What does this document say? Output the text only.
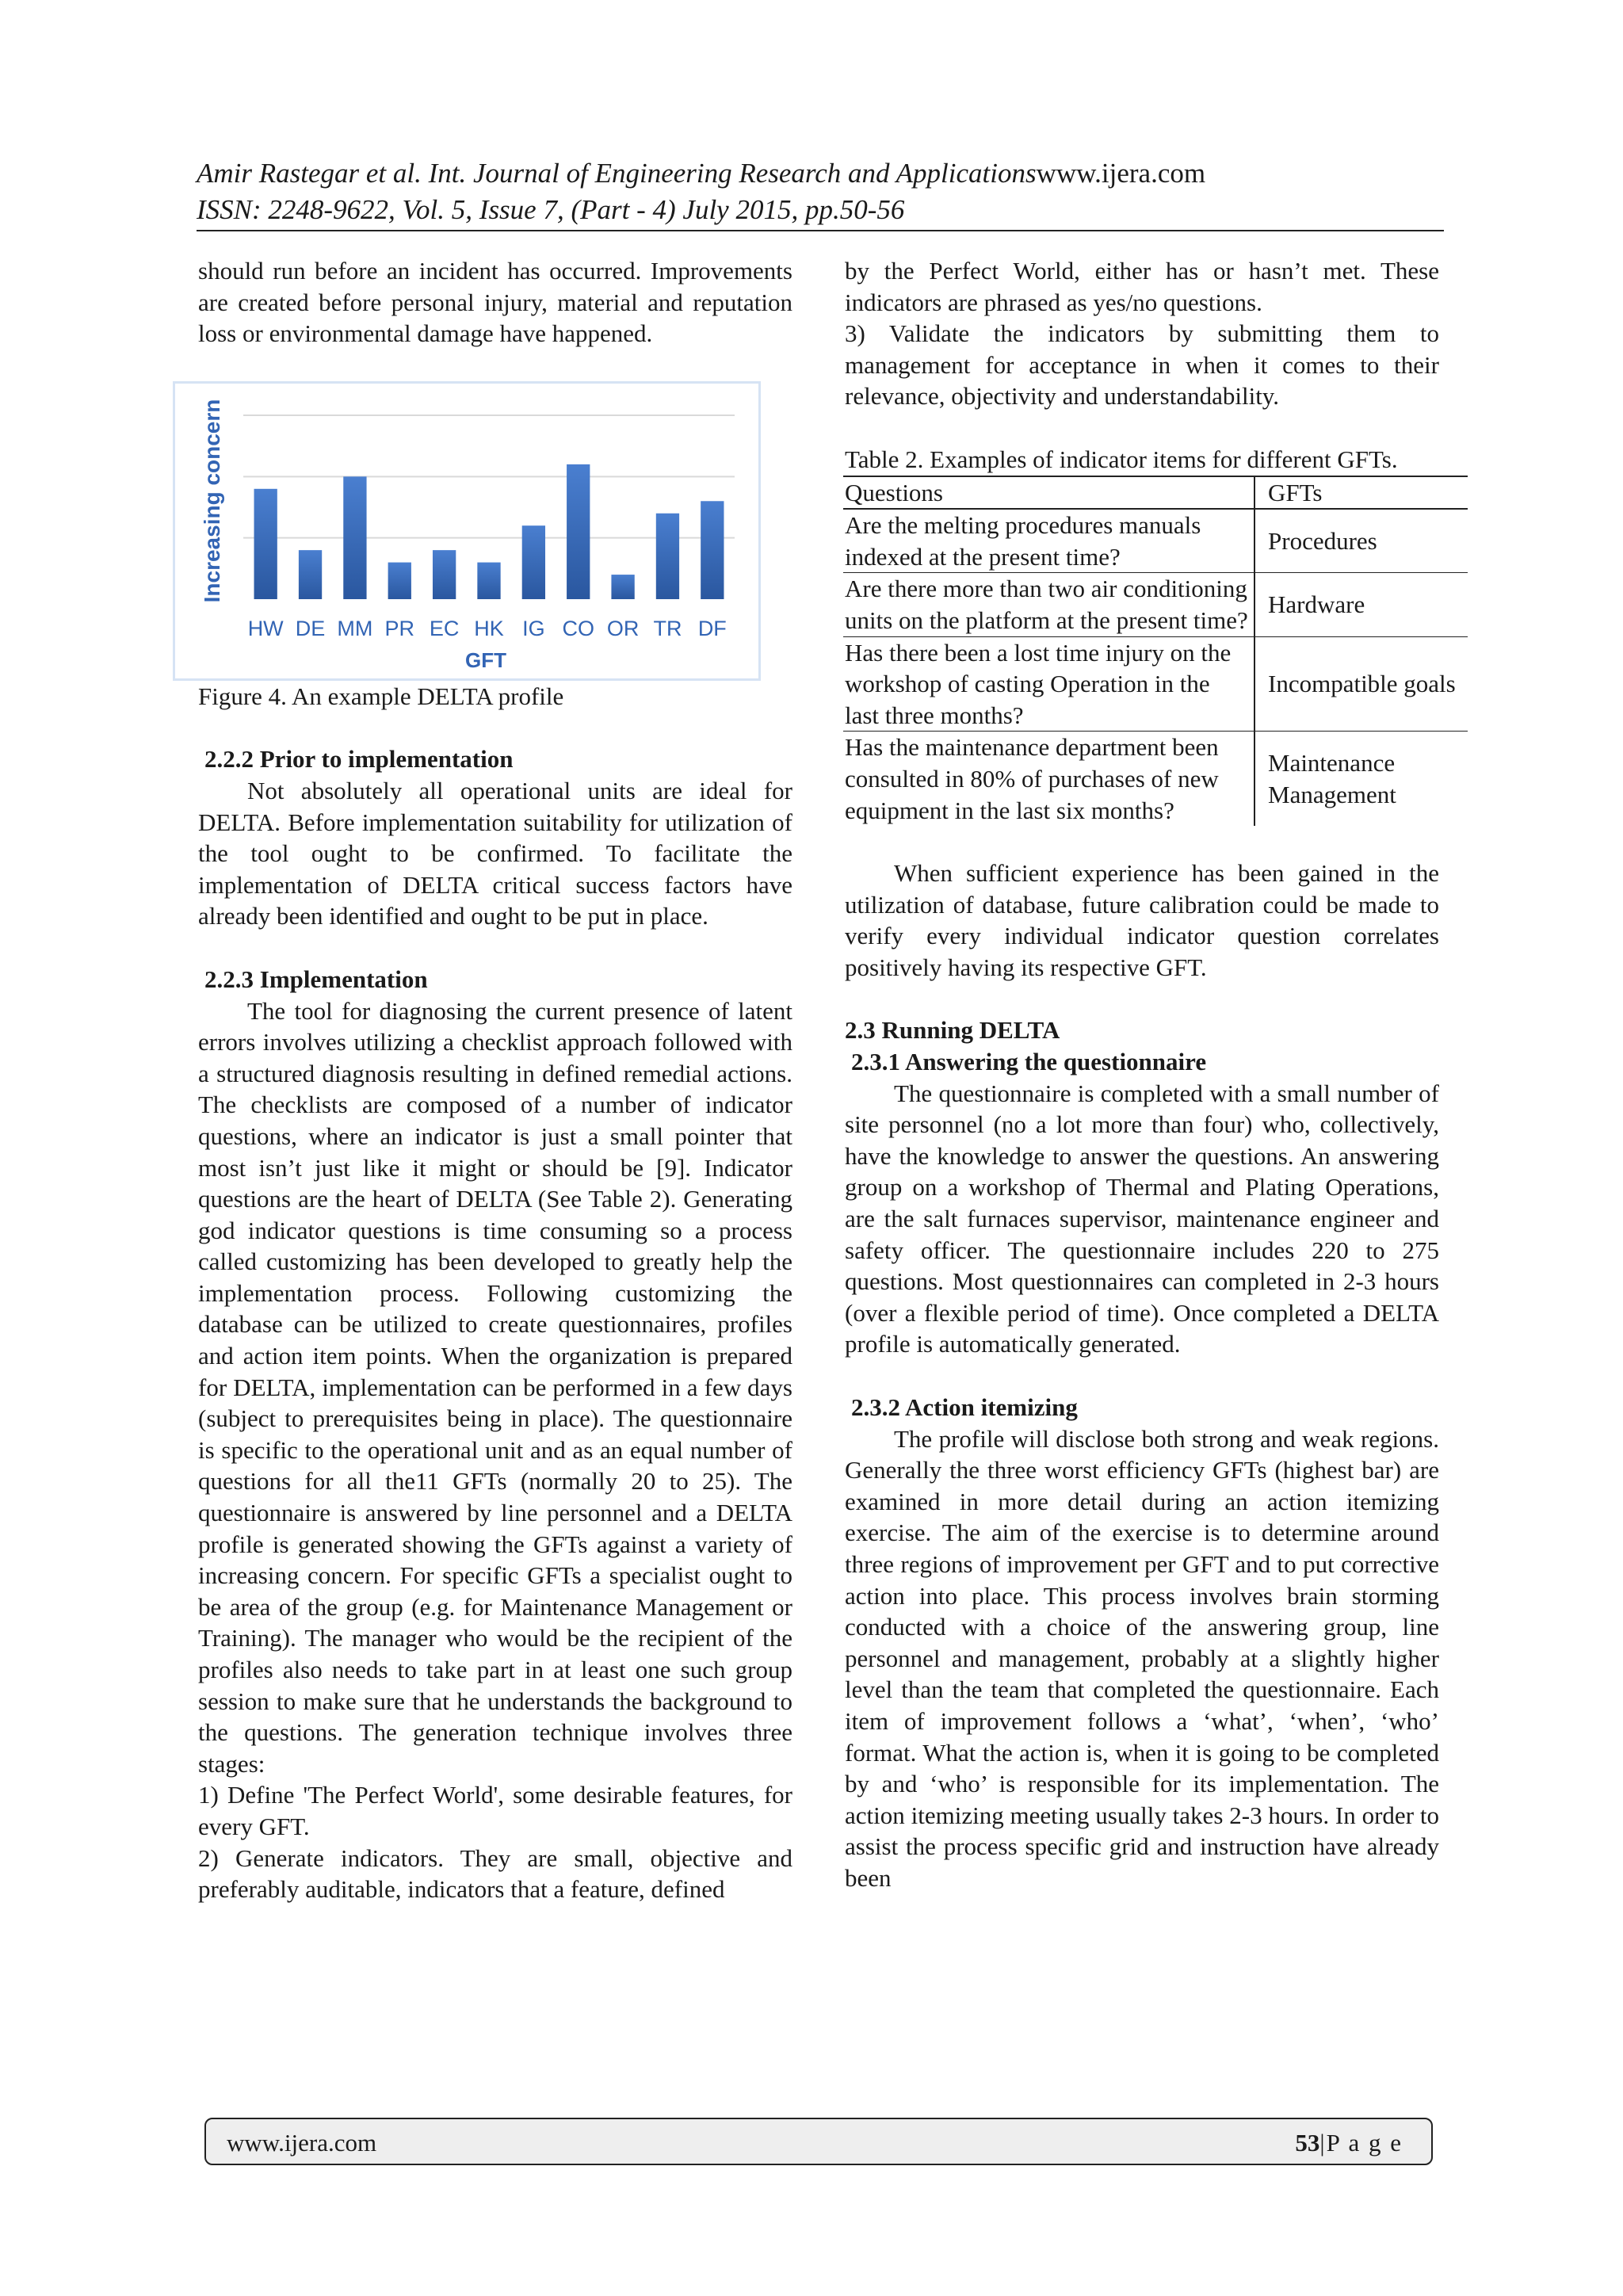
Amir Rastegar et al. Int. Journal of Engineering Research and Applicationswww.ijera.com
ISSN: 2248-9622, Vol. 5, Issue 7, (Part - 4) July 2015, pp.50-56

should run before an incident has occurred. Improvements are created before personal injury, material and reputation loss or environmental damage have happened.

HW DE MM PR EC HK IG CO OR TR DF
Increasing concern
GFT

Figure 4. An example DELTA profile

2.2.2 Prior to implementation

Not absolutely all operational units are ideal for DELTA. Before implementation suitability for utilization of the tool ought to be confirmed. To facilitate the implementation of DELTA critical success factors have already been identified and ought to be put in place.

2.2.3 Implementation

The tool for diagnosing the current presence of latent errors involves utilizing a checklist approach followed with a structured diagnosis resulting in defined remedial actions. The checklists are composed of a number of indicator questions, where an indicator is just a small pointer that most isn’t just like it might or should be [9]. Indicator questions are the heart of DELTA (See Table 2). Generating god indicator questions is time consuming so a process called customizing has been developed to greatly help the implementation process. Following customizing the database can be utilized to create questionnaires, profiles and action item points. When the organization is prepared for DELTA, implementation can be performed in a few days (subject to prerequisites being in place). The questionnaire is specific to the operational unit and as an equal number of questions for all the11 GFTs (normally 20 to 25). The questionnaire is answered by line personnel and a DELTA profile is generated showing the GFTs against a variety of increasing concern. For specific GFTs a specialist ought to be area of the group (e.g. for Maintenance Management or Training). The manager who would be the recipient of the profiles also needs to take part in at least one such group session to make sure that he understands the background to the questions. The generation technique involves three stages:

1) Define 'The Perfect World', some desirable features, for every GFT.

2) Generate indicators. They are small, objective and preferably auditable, indicators that a feature, defined

by the Perfect World, either has or hasn’t met. These indicators are phrased as yes/no questions.

3) Validate the indicators by submitting them to management for acceptance in when it comes to their relevance, objectivity and understandability.

Table 2. Examples of indicator items for different GFTs.

Questions	GFTs
Are the melting procedures manuals indexed at the present time?	Procedures
Are there more than two air conditioning units on the platform at the present time?	Hardware
Has there been a lost time injury on the workshop of casting Operation in the last three months?	Incompatible goals
Has the maintenance department been consulted in 80% of purchases of new equipment in the last six months?	Maintenance Management

When sufficient experience has been gained in the utilization of database, future calibration could be made to verify every individual indicator question correlates positively having its respective GFT.

2.3 Running DELTA

2.3.1 Answering the questionnaire

The questionnaire is completed with a small number of site personnel (no a lot more than four) who, collectively, have the knowledge to answer the questions. An answering group on a workshop of Thermal and Plating Operations, are the salt furnaces supervisor, maintenance engineer and safety officer. The questionnaire includes 220 to 275 questions. Most questionnaires can completed in 2-3 hours (over a flexible period of time). Once completed a DELTA profile is automatically generated.

2.3.2 Action itemizing

The profile will disclose both strong and weak regions. Generally the three worst efficiency GFTs (highest bar) are examined in more detail during an action itemizing exercise. The aim of the exercise is to determine around three regions of improvement per GFT and to put corrective action into place. This process involves brain storming conducted with a choice of the answering group, line personnel and management, probably at a slightly higher level than the team that completed the questionnaire. Each item of improvement follows a ‘what’, ‘when’, ‘who’ format. What the action is, when it is going to be completed by and ‘who’ is responsible for its implementation. The action itemizing meeting usually takes 2-3 hours. In order to assist the process specific grid and instruction have already been

www.ijera.com	53|P a g e
